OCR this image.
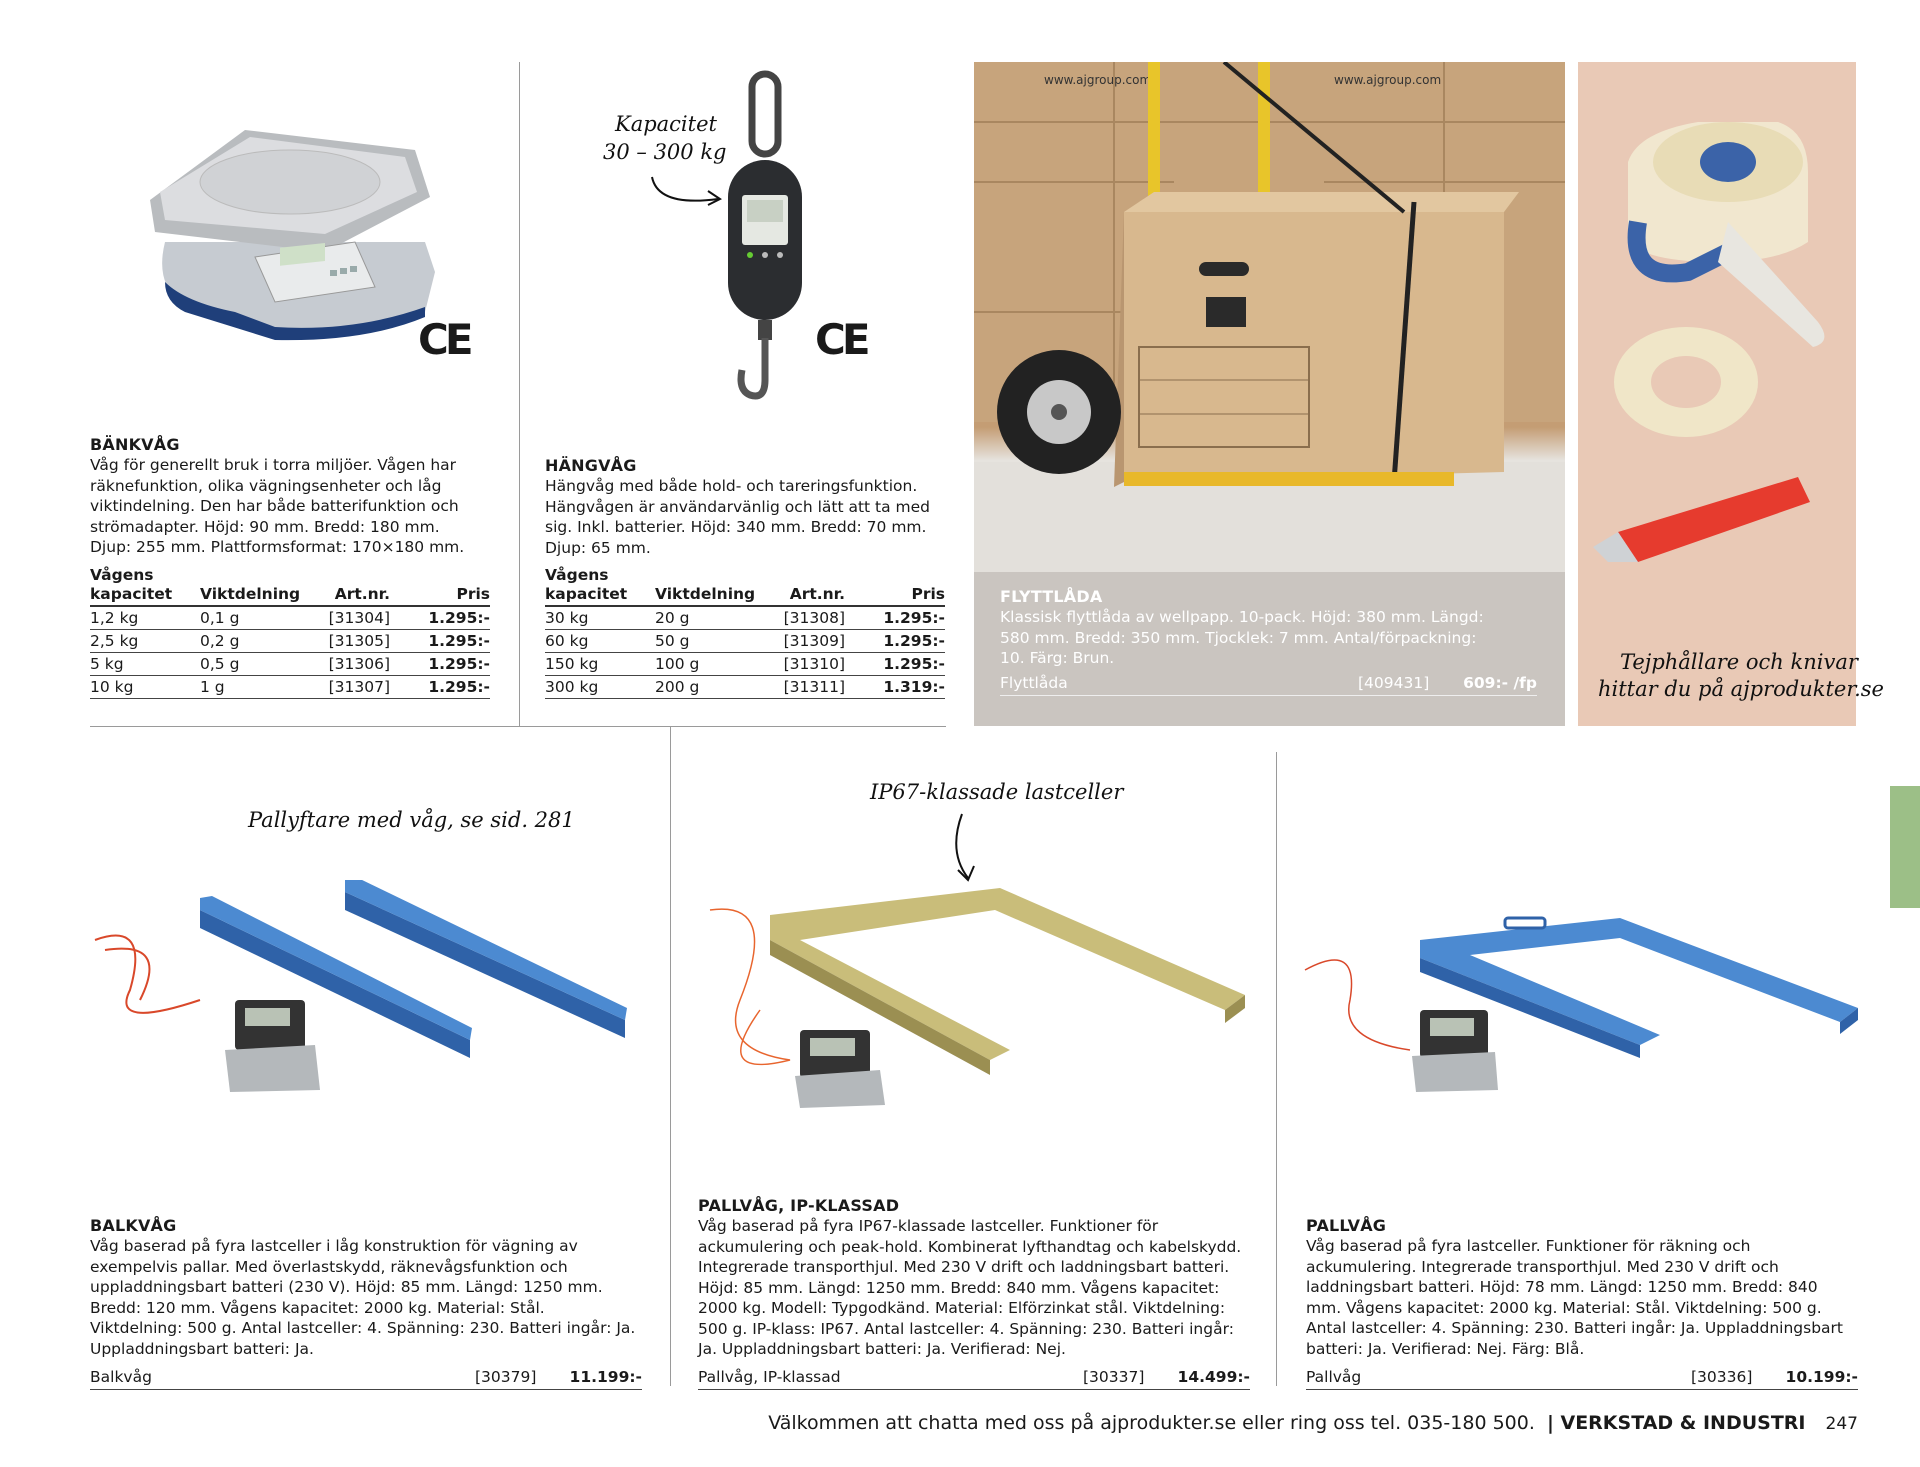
CE
BÄNKVÅG
Våg för generellt bruk i torra miljöer. Vågen har räknefunktion, olika vägningsenheter och låg viktindelning. Den har både batterifunktion och strömadapter. Höjd: 90 mm. Bredd: 180 mm. Djup: 255 mm. Plattformsformat: 170×180 mm.
Vågens
kapacitet	Viktdelning	Art.nr.	Pris
1,2 kg	0,1 g	[31304]	1.295:-
2,5 kg	0,2 g	[31305]	1.295:-
5 kg	0,5 g	[31306]	1.295:-
10 kg	1 g	[31307]	1.295:-
Kapacitet
30 – 300 kg
CE
HÄNGVÅG
Hängvåg med både hold- och tareringsfunktion. Hängvågen är användarvänlig och lätt att ta med sig. Inkl. batterier. Höjd: 340 mm. Bredd: 70 mm. Djup: 65 mm.
Vågens
kapacitet	Viktdelning	Art.nr.	Pris
30 kg	20 g	[31308]	1.295:-
60 kg	50 g	[31309]	1.295:-
150 kg	100 g	[31310]	1.295:-
300 kg	200 g	[31311]	1.319:-
www.ajgroup.com	www.ajgroup.com
FLYTTLÅDA
Klassisk flyttlåda av wellpapp. 10-pack. Höjd: 380 mm. Längd: 580 mm. Bredd: 350 mm. Tjocklek: 7 mm. Antal/förpackning: 10. Färg: Brun.
Flyttlåda	[409431] 609:- /fp
Tejphållare och knivar
hittar du på ajprodukter.se
Pallyftare med våg, se sid. 281
BALKVÅG
Våg baserad på fyra lastceller i låg konstruktion för vägning av exempelvis pallar. Med överlastskydd, räknevågsfunktion och uppladdningsbart batteri (230 V). Höjd: 85 mm. Längd: 1250 mm. Bredd: 120 mm. Vågens kapacitet: 2000 kg. Material: Stål. Viktdelning: 500 g. Antal lastceller: 4. Spänning: 230. Batteri ingår: Ja. Uppladdningsbart batteri: Ja.
Balkvåg	[30379] 11.199:-
IP67-klassade lastceller
PALLVÅG, IP-KLASSAD
Våg baserad på fyra IP67-klassade lastceller. Funktioner för ackumulering och peak-hold. Kombinerat lyfthandtag och kabelskydd. Integrerade transporthjul. Med 230 V drift och laddningsbart batteri. Höjd: 85 mm. Längd: 1250 mm. Bredd: 840 mm. Vågens kapacitet: 2000 kg. Modell: Typgodkänd. Material: Elförzinkat stål. Viktdelning: 500 g. IP-klass: IP67. Antal lastceller: 4. Spänning: 230. Batteri ingår: Ja. Uppladdningsbart batteri: Ja. Verifierad: Nej.
Pallvåg, IP-klassad	[30337] 14.499:-
PALLVÅG
Våg baserad på fyra lastceller. Funktioner för räkning och ackumulering. Integrerade transporthjul. Med 230 V drift och laddningsbart batteri. Höjd: 78 mm. Längd: 1250 mm. Bredd: 840 mm. Vågens kapacitet: 2000 kg. Material: Stål. Viktdelning: 500 g. Antal lastceller: 4. Spänning: 230. Batteri ingår: Ja. Uppladdningsbart batteri: Ja. Verifierad: Nej. Färg: Blå.
Pallvåg	[30336] 10.199:-
Välkommen att chatta med oss på ajprodukter.se eller ring oss tel. 035-180 500. | VERKSTAD & INDUSTRI 247
